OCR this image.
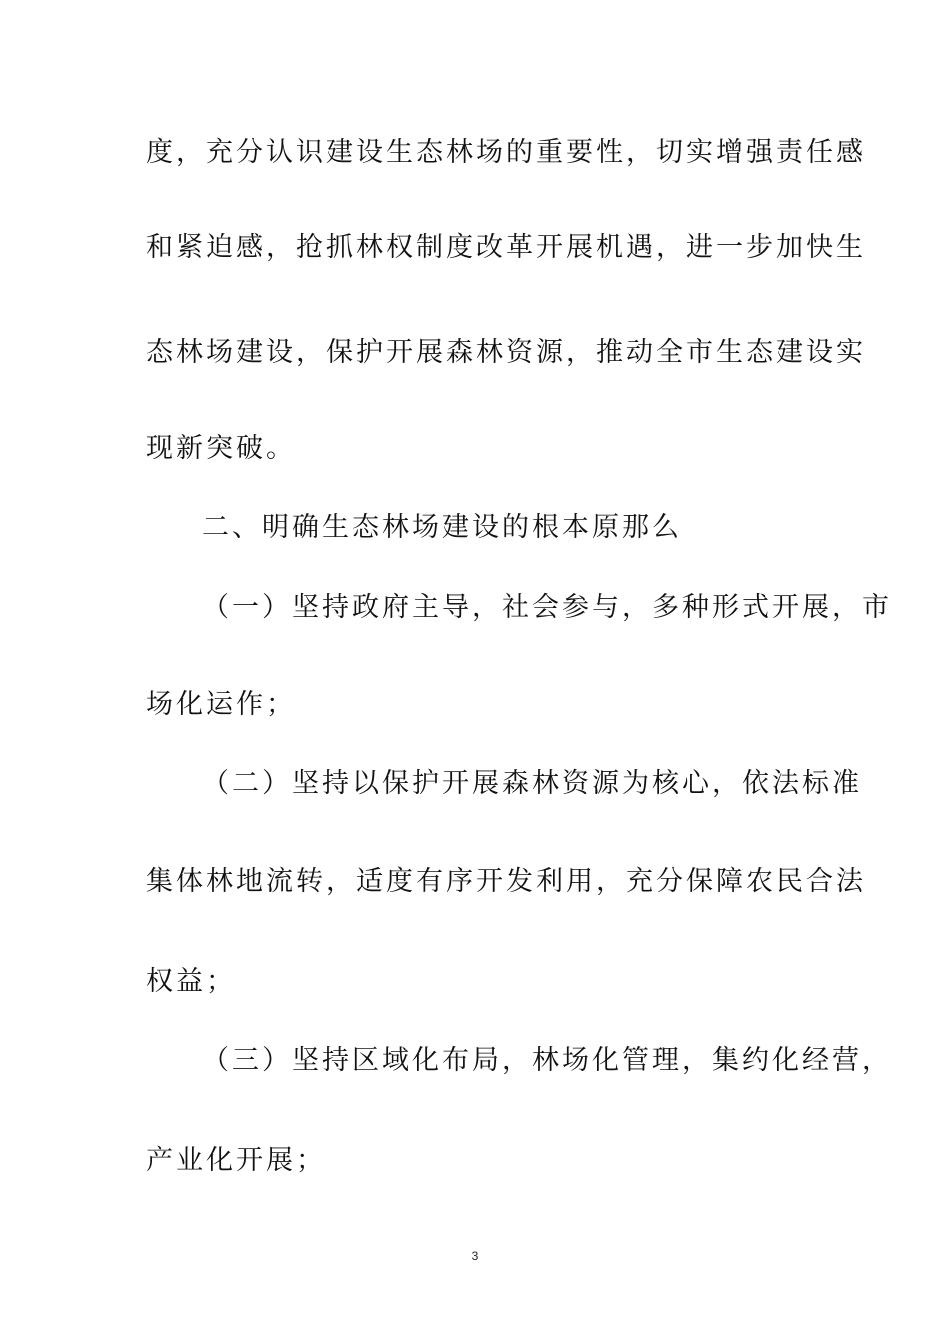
度，充分认识建设生态林场的重要性，切实增强责任感

和紧迫感，抢抓林权制度改革开展机遇，进一步加快生

态林场建设，保护开展森林资源，推动全市生态建设实

现新突破。

二、明确生态林场建设的根本原那么

（一）坚持政府主导，社会参与，多种形式开展，市

场化运作；

（二）坚持以保护开展森林资源为核心，依法标准

集体林地流转，适度有序开发利用，充分保障农民合法

权益；

（三）坚持区域化布局，林场化管理，集约化经营，

产业化开展；

3
